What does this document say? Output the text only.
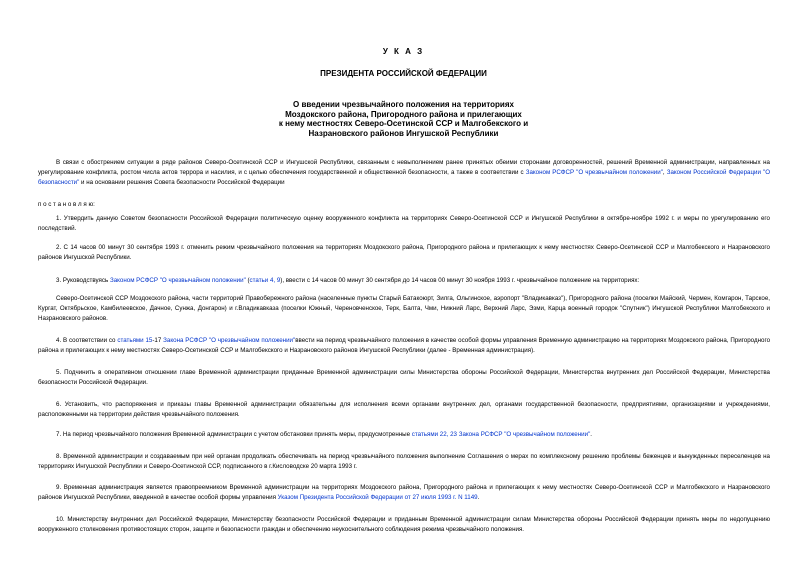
У К А З
ПРЕЗИДЕНТА РОССИЙСКОЙ ФЕДЕРАЦИИ
О введении чрезвычайного положения на территориях
Моздокского района, Пригородного района и прилегающих
к нему местностях Северо-Осетинской ССР и Малгобекского и
Назрановского районов Ингушской Республики
В связи с обострением ситуации в ряде районов Северо-Осетинской ССР и Ингушской Республики, связанным с невыполнением ранее принятых обеими сторонами договоренностей, решений Временной администрации, направленных на урегулирование конфликта, ростом числа актов террора и насилия, и с целью обеспечения государственной и общественной безопасности, а также в соответствии с Законом РСФСР "О чрезвычайном положении", Законом Российской Федерации "О безопасности" и на основании решения Совета безопасности Российской Федерации
п о с т а н о в л я ю:
1. Утвердить данную Советом безопасности Российской Федерации политическую оценку вооруженного конфликта на территориях Северо-Осетинской ССР и Ингушской Республики в октябре-ноябре 1992 г. и меры по урегулированию его последствий.
2. С 14 часов 00 минут 30 сентября 1993 г. отменить режим чрезвычайного положения на территориях Моздокского района, Пригородного района и прилегающих к нему местностях Северо-Осетинской ССР и Малгобекского и Назрановского районов Ингушской Республики.
3. Руководствуясь Законом РСФСР "О чрезвычайном положении" (статьи 4, 9), ввести с 14 часов 00 минут 30 сентября до 14 часов 00 минут 30 ноября 1993 г. чрезвычайное положение на территориях:
Северо-Осетинской ССР Моздокского района, части территорий Правобережного района (населенные пункты Старый Батакоюрт, Зилга, Ольгинское, аэропорт "Владикавказ"), Пригородного района (поселки Майский, Чермен, Комгарон, Тарское, Кургат, Октябрьское, Камбилеевское, Дачное, Сунжа, Донгарон) и г.Владикавказа (поселки Южный, Череновченское, Терк, Балта, Чми, Нижний Ларс, Верхний Ларс, Эзми, Карца военный городок "Спутник") Ингушской Республики Малгобекского и Назрановского районов.
4. В соответствии со статьями 15-17 Закона РСФСР "О чрезвычайном положении"ввести на период чрезвычайного положения в качестве особой формы управления Временную администрацию на территориях Моздокского района, Пригородного района и прилегающих к нему местностях Северо-Осетинской ССР и Малгобекского и Назрановского районов Ингушской Республики (далее - Временная администрация).
5. Подчинить в оперативном отношении главе Временной администрации приданные Временной администрации силы Министерства обороны Российской Федерации, Министерства внутренних дел Российской Федерации, Министерства безопасности Российской Федерации.
6. Установить, что распоряжения и приказы главы Временной администрации обязательны для исполнения всеми органами внутренних дел, органами государственной безопасности, предприятиями, организациями и учреждениями, расположенными на территории действия чрезвычайного положения.
7. На период чрезвычайного положения Временной администрации с учетом обстановки принять меры, предусмотренные статьями 22, 23 Закона РСФСР "О чрезвычайном положении".
8. Временной администрации и создаваемым при ней органам продолжать обеспечивать на период чрезвычайного положения выполнение Соглашения о мерах по комплексному решению проблемы беженцев и вынужденных переселенцев на территориях Ингушской Республики и Северо-Осетинской ССР, подписанного в г.Кисловодске 20 марта 1993 г.
9. Временная администрация является правопреемником Временной администрации на территориях Моздокского района, Пригородного района и прилегающих к нему местностях Северо-Осетинской ССР и Малгобекского и Назрановского районов Ингушской Республики, введенной в качестве особой формы управления Указом Президента Российской Федерации от 27 июля 1993 г. N 1149.
10. Министерству внутренних дел Российской Федерации, Министерству безопасности Российской Федерации и приданным Временной администрации силам Министерства обороны Российской Федерации принять меры по недопущению вооруженного столкновения противостоящих сторон, защите и безопасности граждан и обеспечению неукоснительного соблюдения режима чрезвычайного положения.
